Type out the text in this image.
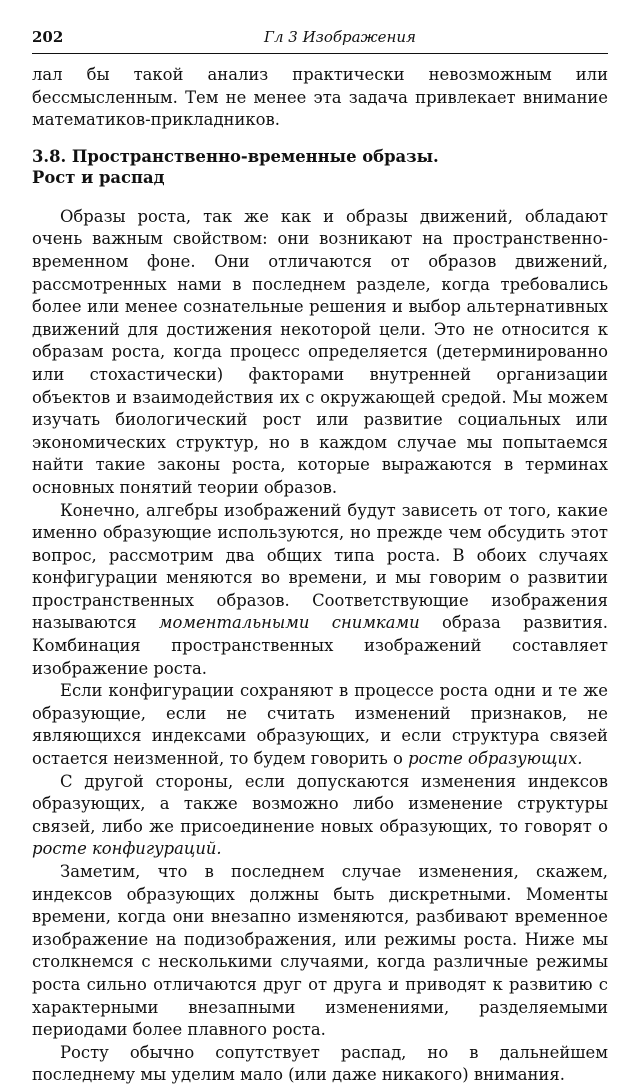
202	Гл 3 Изображения

лал бы такой анализ практически невозможным или бессмысленным. Тем не менее эта задача привлекает внимание математиков-прикладников.

3.8. Пространственно-временные образы.
Рост и распад

Образы роста, так же как и образы движений, обладают очень важным свойством: они возникают на пространственно-временном фоне. Они отличаются от образов движений, рассмотренных нами в последнем разделе, когда требовались более или менее сознательные решения и выбор альтернативных движений для достижения некоторой цели. Это не относится к образам роста, когда процесс определяется (детерминированно или стохастически) факторами внутренней организации объектов и взаимодействия их с окружающей средой. Мы можем изучать биологический рост или развитие социальных или экономических структур, но в каждом случае мы попытаемся найти такие законы роста, которые выражаются в терминах основных понятий теории образов.

Конечно, алгебры изображений будут зависеть от того, какие именно образующие используются, но прежде чем обсудить этот вопрос, рассмотрим два общих типа роста. В обоих случаях конфигурации меняются во времени, и мы говорим о развитии пространственных образов. Соответствующие изображения называются моментальными снимками образа развития. Комбинация пространственных изображений составляет изображение роста.

Если конфигурации сохраняют в процессе роста одни и те же образующие, если не считать изменений признаков, не являющихся индексами образующих, и если структура связей остается неизменной, то будем говорить о росте образующих.

С другой стороны, если допускаются изменения индексов образующих, а также возможно либо изменение структуры связей, либо же присоединение новых образующих, то говорят о росте конфигураций.

Заметим, что в последнем случае изменения, скажем, индексов образующих должны быть дискретными. Моменты времени, когда они внезапно изменяются, разбивают временное изображение на подизображения, или режимы роста. Ниже мы столкнемся с несколькими случаями, когда различные режимы роста сильно отличаются друг от друга и приводят к развитию с характерными внезапными изменениями, разделяемыми периодами более плавного роста.

Росту обычно сопутствует распад, но в дальнейшем последнему мы уделим мало (или даже никакого) внимания.
